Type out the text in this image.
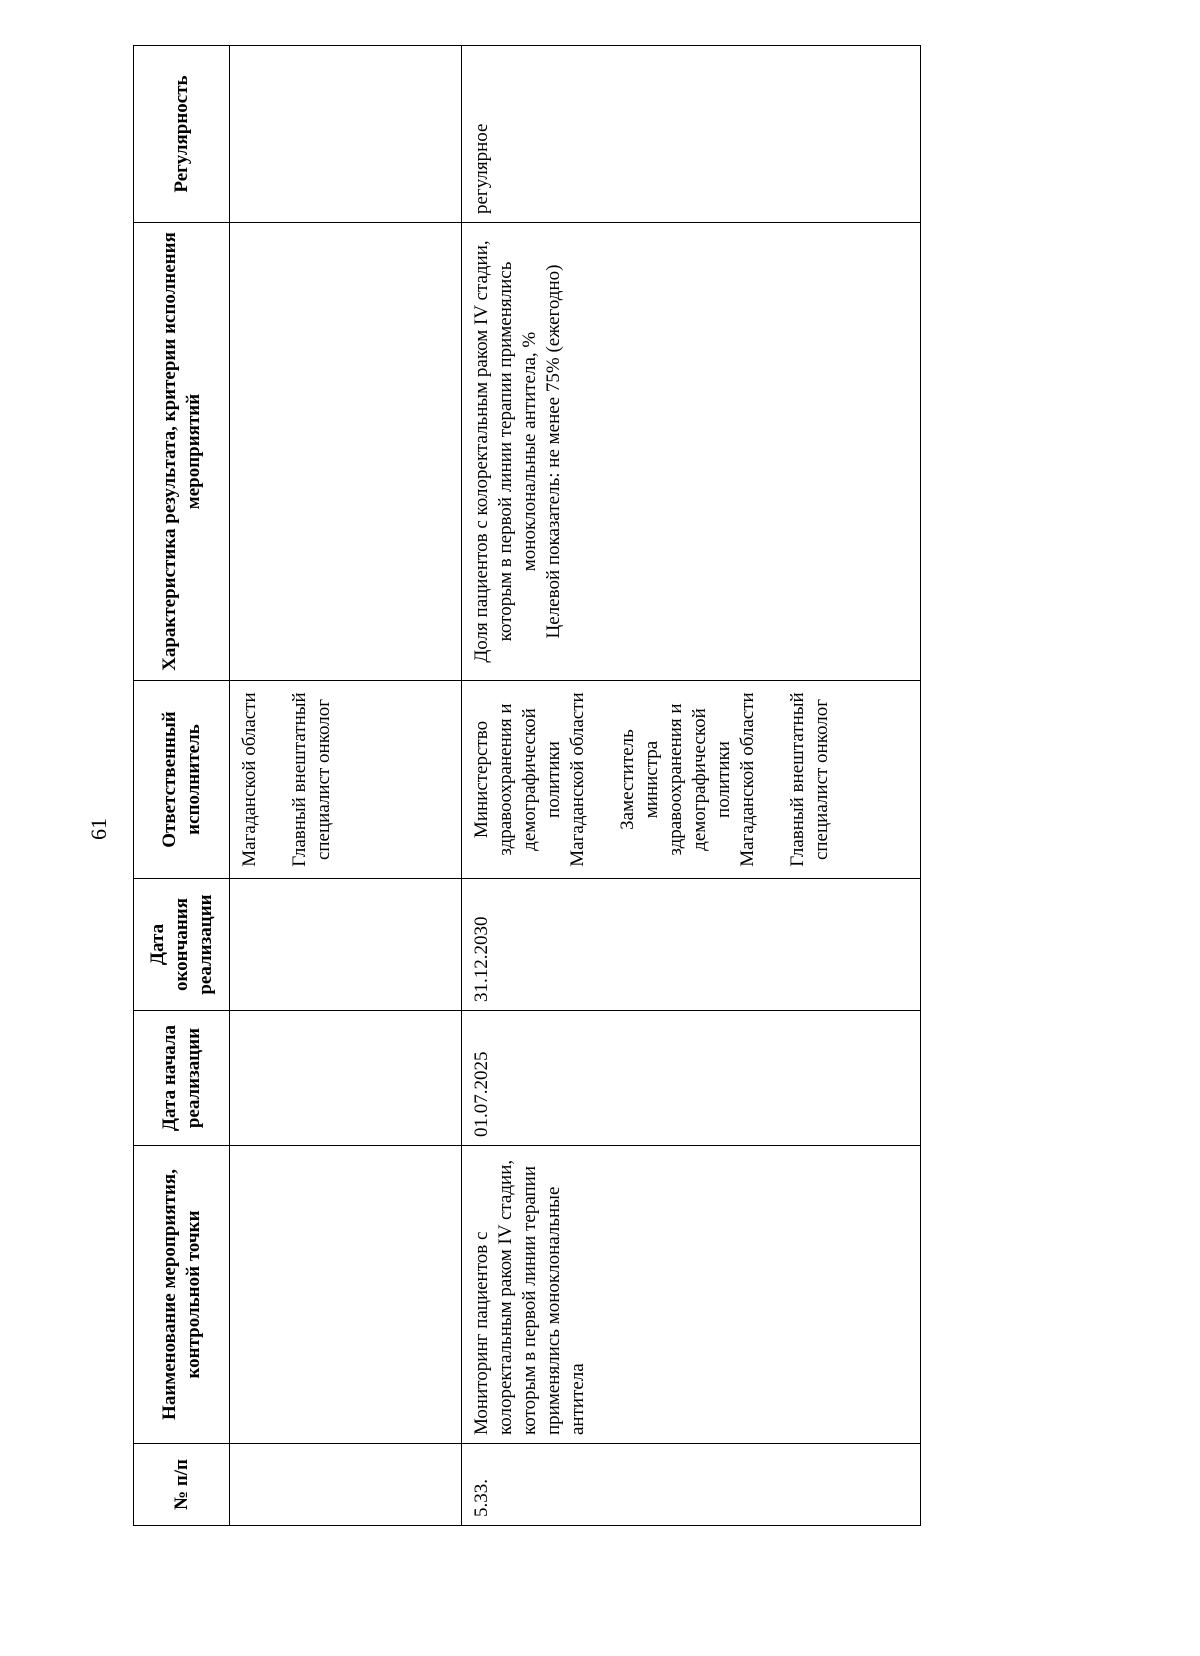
61
№ п/п	Наименование мероприятия, контрольной точки	Дата начала реализации	Дата окончания реализации	Ответственный исполнитель	Характеристика результата, критерии исполнения мероприятий	Регулярность

				Магаданской области Главный внештатный специалист онколог		

5.33.	Мониторинг пациентов с колоректальным раком IV стадии, которым в первой линии терапии применялись моноклональные антитела	01.07.2025	31.12.2030	Министерство здравоохранения и демографической политики Магаданской области Заместитель министра здравоохранения и демографической политики Магаданской области Главный внештатный специалист онколог	Доля пациентов с колоректальным раком IV стадии, которым в первой линии терапии применялись моноклональные антитела, % Целевой показатель: не менее 75% (ежегодно)	регулярное
